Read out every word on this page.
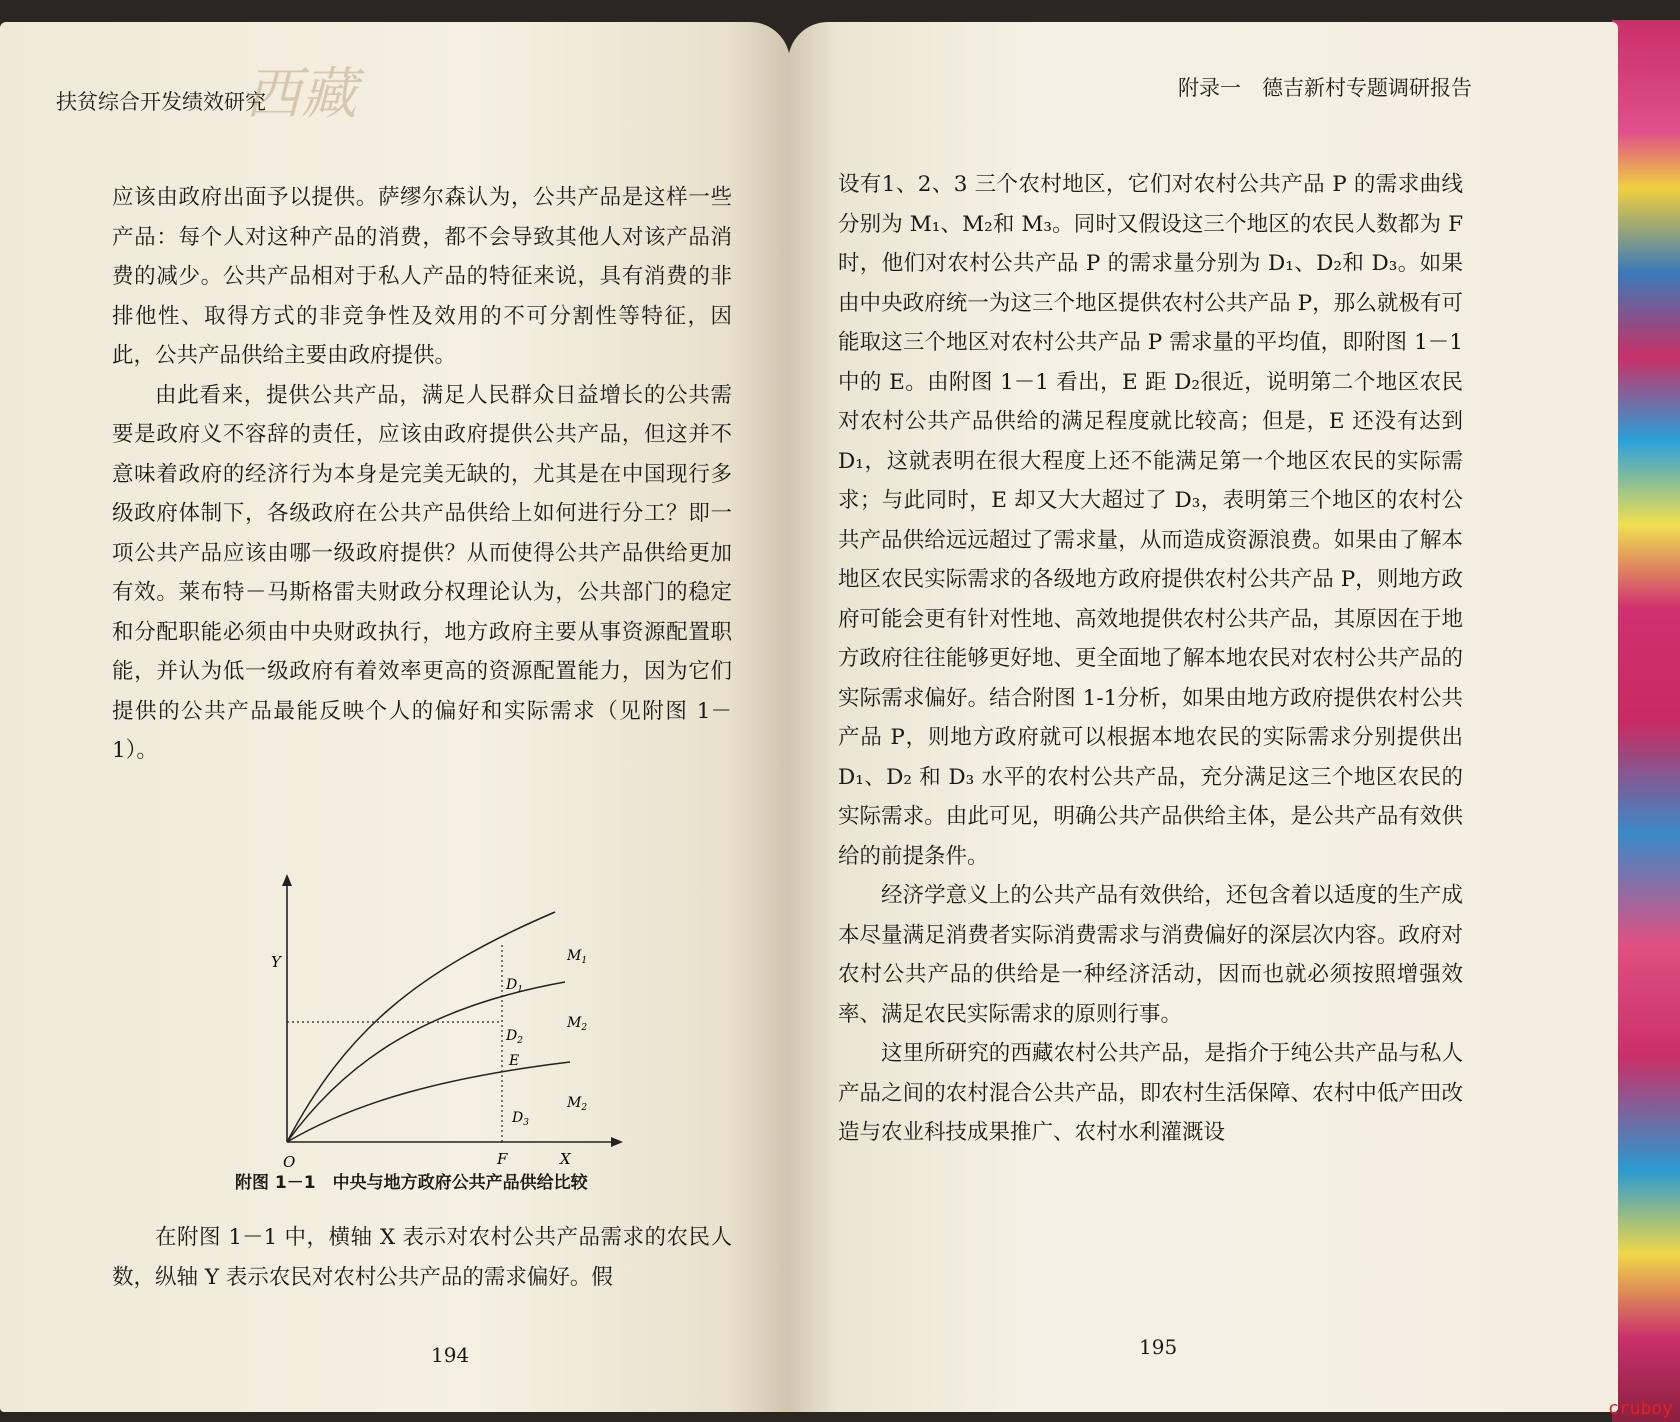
西藏
扶贫综合开发绩效研究

应该由政府出面予以提供。萨缪尔森认为，公共产品是这样一些产品：每个人对这种产品的消费，都不会导致其他人对该产品消费的减少。公共产品相对于私人产品的特征来说，具有消费的非排他性、取得方式的非竞争性及效用的不可分割性等特征，因此，公共产品供给主要由政府提供。

由此看来，提供公共产品，满足人民群众日益增长的公共需要是政府义不容辞的责任，应该由政府提供公共产品，但这并不意味着政府的经济行为本身是完美无缺的，尤其是在中国现行多级政府体制下，各级政府在公共产品供给上如何进行分工？即一项公共产品应该由哪一级政府提供？从而使得公共产品供给更加有效。莱布特－马斯格雷夫财政分权理论认为，公共部门的稳定和分配职能必须由中央财政执行，地方政府主要从事资源配置职能，并认为低一级政府有着效率更高的资源配置能力，因为它们提供的公共产品最能反映个人的偏好和实际需求（见附图 1－1）。

Y
O	F	X
$M_1$
$D_1$
$M_2$
$D_2$
E
$M_2$
$D_3$
附图 1－1　中央与地方政府公共产品供给比较

在附图 1－1 中，横轴 X 表示对农村公共产品需求的农民人数，纵轴 Y 表示农民对农村公共产品的需求偏好。假

194
附录一　德吉新村专题调研报告

设有1、2、3 三个农村地区，它们对农村公共产品 P 的需求曲线分别为 M₁、M₂和 M₃。同时又假设这三个地区的农民人数都为 F 时，他们对农村公共产品 P 的需求量分别为 D₁、D₂和 D₃。如果由中央政府统一为这三个地区提供农村公共产品 P，那么就极有可能取这三个地区对农村公共产品 P 需求量的平均值，即附图 1－1 中的 E。由附图 1－1 看出，E 距 D₂很近，说明第二个地区农民对农村公共产品供给的满足程度就比较高；但是，E 还没有达到 D₁，这就表明在很大程度上还不能满足第一个地区农民的实际需求；与此同时，E 却又大大超过了 D₃，表明第三个地区的农村公共产品供给远远超过了需求量，从而造成资源浪费。如果由了解本地区农民实际需求的各级地方政府提供农村公共产品 P，则地方政府可能会更有针对性地、高效地提供农村公共产品，其原因在于地方政府往往能够更好地、更全面地了解本地农民对农村公共产品的实际需求偏好。结合附图 1-1分析，如果由地方政府提供农村公共产品 P，则地方政府就可以根据本地农民的实际需求分别提供出 D₁、D₂ 和 D₃ 水平的农村公共产品，充分满足这三个地区农民的实际需求。由此可见，明确公共产品供给主体，是公共产品有效供给的前提条件。

经济学意义上的公共产品有效供给，还包含着以适度的生产成本尽量满足消费者实际消费需求与消费偏好的深层次内容。政府对农村公共产品的供给是一种经济活动，因而也就必须按照增强效率、满足农民实际需求的原则行事。

这里所研究的西藏农村公共产品，是指介于纯公共产品与私人产品之间的农村混合公共产品，即农村生活保障、农村中低产田改造与农业科技成果推广、农村水利灌溉设

195
cruboy
